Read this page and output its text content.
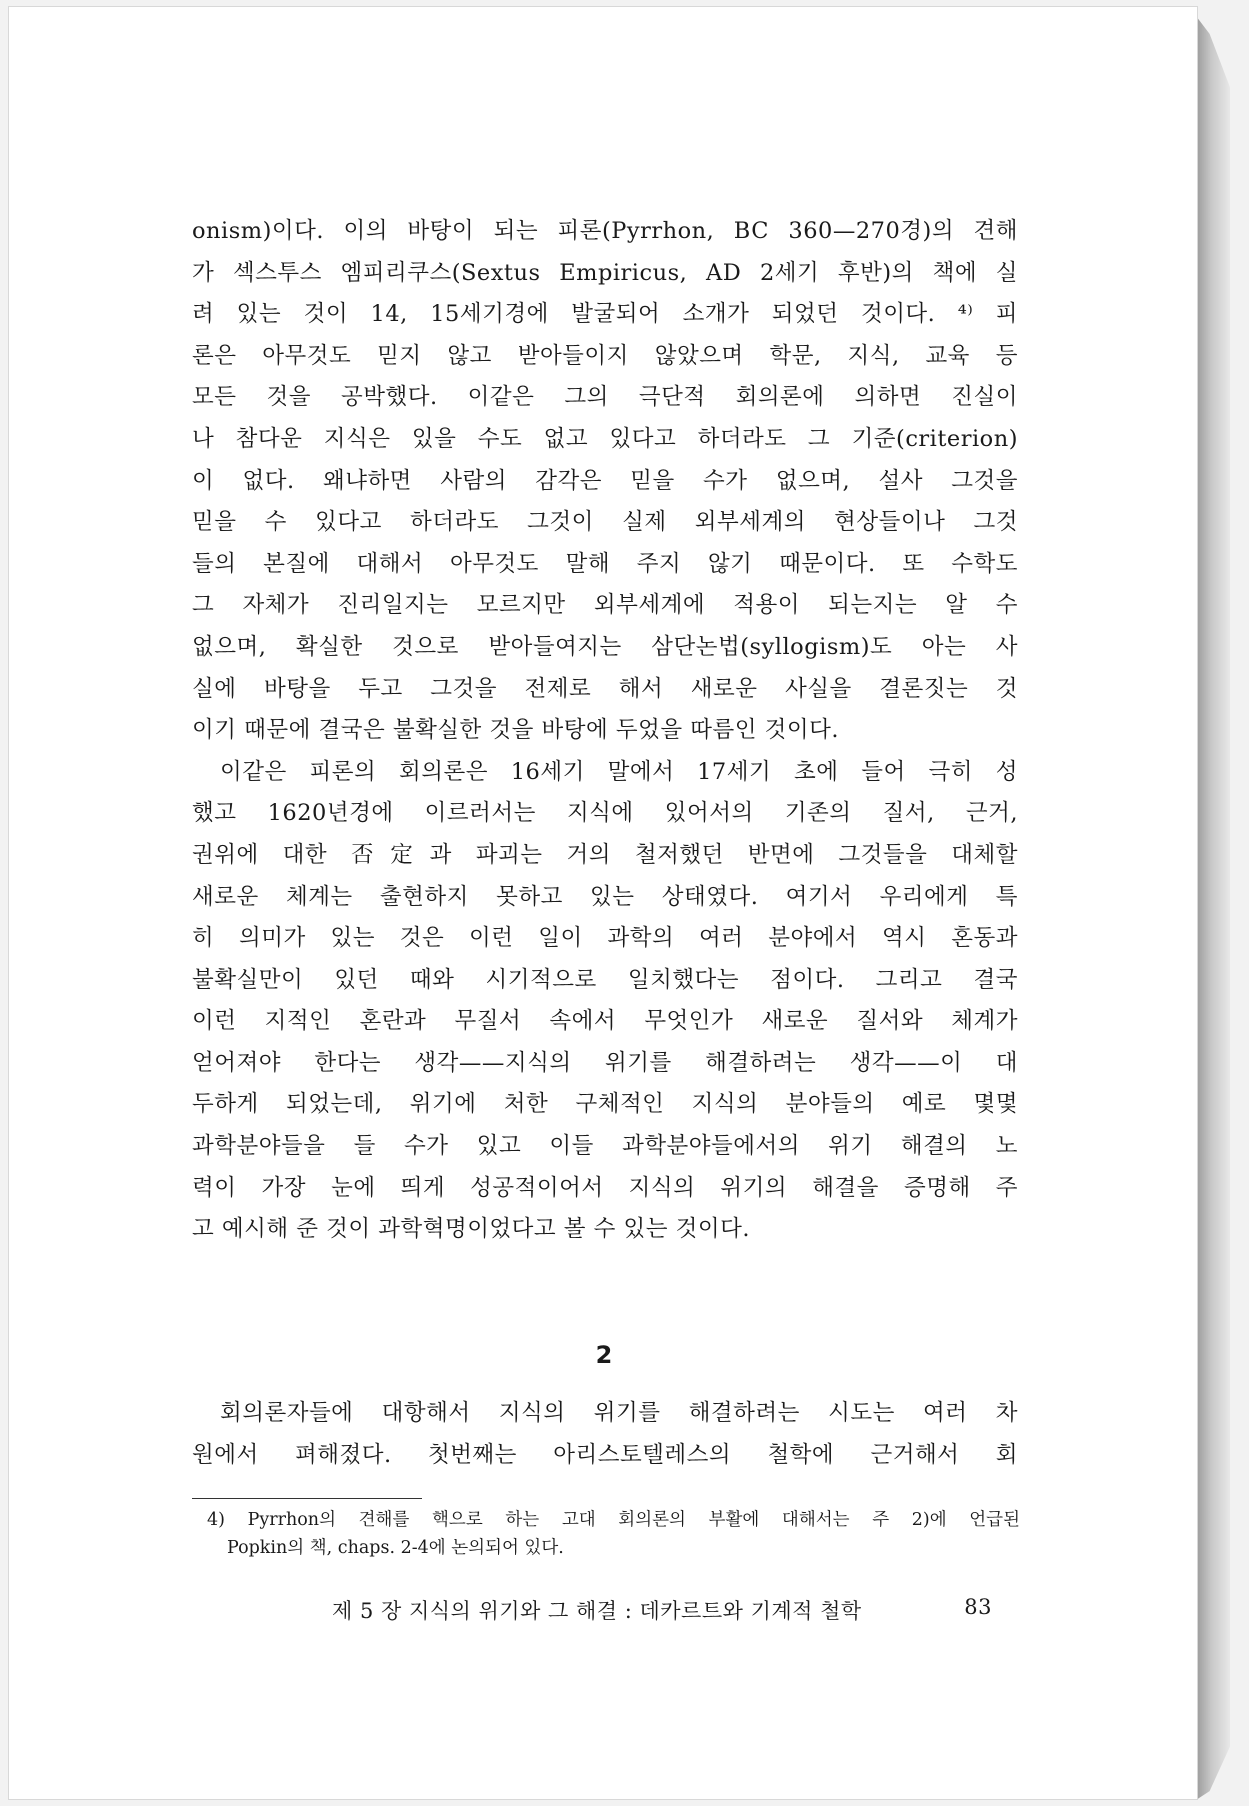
onism)이다. 이의 바탕이 되는 피론(Pyrrhon, BC 360—270경)의 견해
가 섹스투스 엠피리쿠스(Sextus Empiricus, AD 2세기 후반)의 책에 실
려 있는 것이 14, 15세기경에 발굴되어 소개가 되었던 것이다. ⁴⁾ 피
론은 아무것도 믿지 않고 받아들이지 않았으며 학문, 지식, 교육 등
모든 것을 공박했다. 이같은 그의 극단적 회의론에 의하면 진실이
나 참다운 지식은 있을 수도 없고 있다고 하더라도 그 기준(criterion)
이 없다. 왜냐하면 사람의 감각은 믿을 수가 없으며, 설사 그것을
믿을 수 있다고 하더라도 그것이 실제 외부세계의 현상들이나 그것
들의 본질에 대해서 아무것도 말해 주지 않기 때문이다. 또 수학도
그 자체가 진리일지는 모르지만 외부세계에 적용이 되는지는 알 수
없으며, 확실한 것으로 받아들여지는 삼단논법(syllogism)도 아는 사
실에 바탕을 두고 그것을 전제로 해서 새로운 사실을 결론짓는 것
이기 때문에 결국은 불확실한 것을 바탕에 두었을 따름인 것이다.
이같은 피론의 회의론은 16세기 말에서 17세기 초에 들어 극히 성
했고 1620년경에 이르러서는 지식에 있어서의 기존의 질서, 근거,
권위에 대한 否定과 파괴는 거의 철저했던 반면에 그것들을 대체할
새로운 체계는 출현하지 못하고 있는 상태였다. 여기서 우리에게 특
히 의미가 있는 것은 이런 일이 과학의 여러 분야에서 역시 혼동과
불확실만이 있던 때와 시기적으로 일치했다는 점이다. 그리고 결국
이런 지적인 혼란과 무질서 속에서 무엇인가 새로운 질서와 체계가
얻어져야 한다는 생각——지식의 위기를 해결하려는 생각——이 대
두하게 되었는데, 위기에 처한 구체적인 지식의 분야들의 예로 몇몇
과학분야들을 들 수가 있고 이들 과학분야들에서의 위기 해결의 노
력이 가장 눈에 띄게 성공적이어서 지식의 위기의 해결을 증명해 주
고 예시해 준 것이 과학혁명이었다고 볼 수 있는 것이다.
2
회의론자들에 대항해서 지식의 위기를 해결하려는 시도는 여러 차
원에서 펴해졌다. 첫번째는 아리스토텔레스의 철학에 근거해서 회
4) Pyrrhon의 견해를 핵으로 하는 고대 회의론의 부활에 대해서는 주 2)에 언급된
Popkin의 책, chaps. 2-4에 논의되어 있다.
제 5 장 지식의 위기와 그 해결 : 데카르트와 기계적 철학	83
